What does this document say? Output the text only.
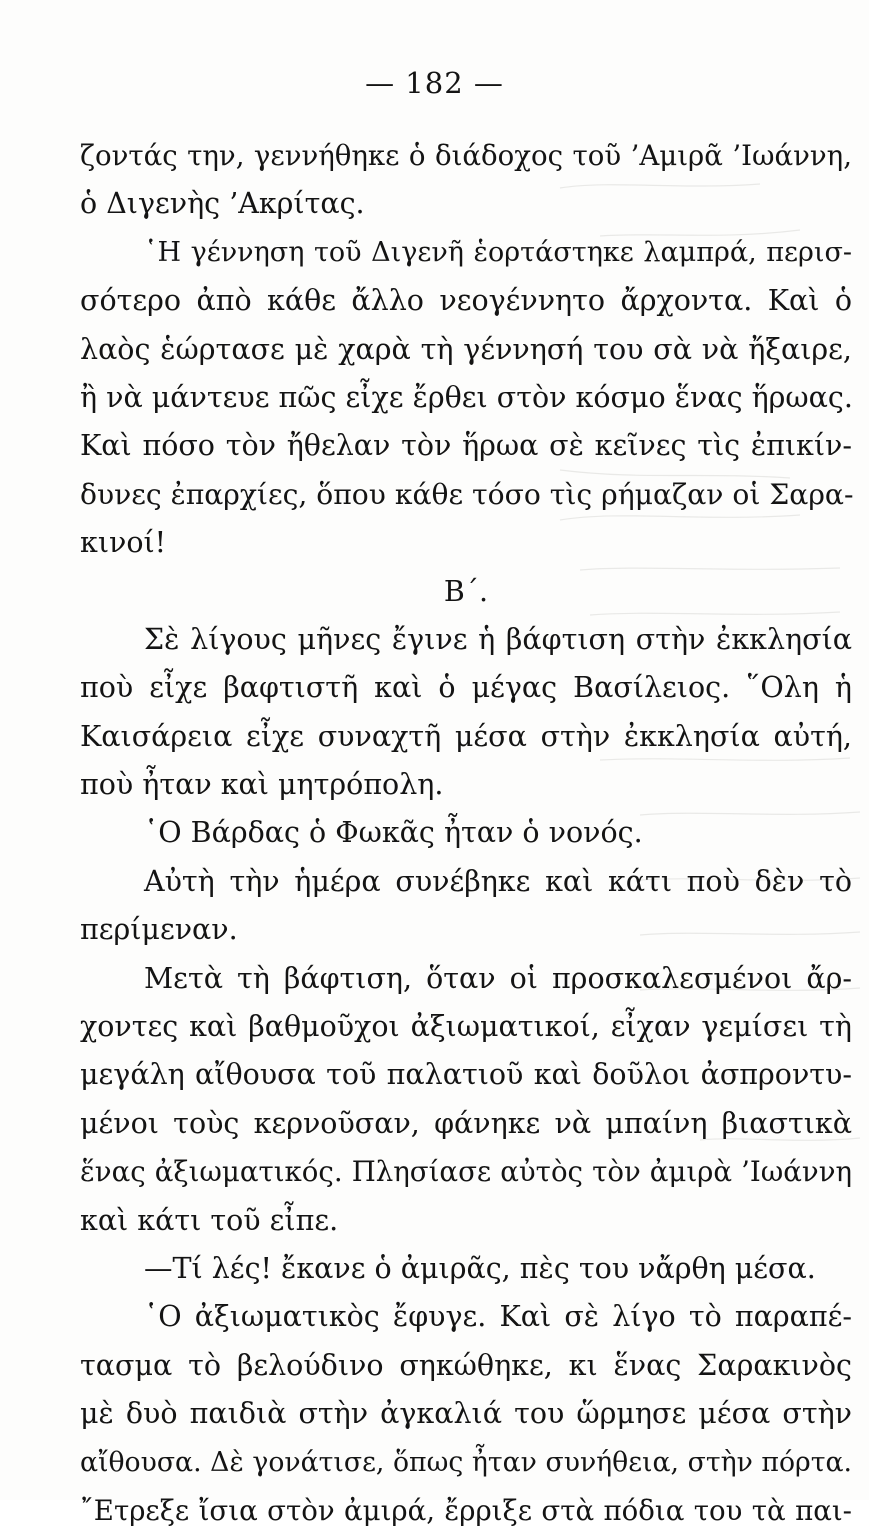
— 182 —
ζοντάς την, γεννήθηκε ὁ διάδοχος τοῦ ’Αμιρᾶ ’Ιωάννη,
ὁ Διγενὴς ’Ακρίτας.
῾Η γέννηση τοῦ Διγενῆ ἑορτάστηκε λαμπρά, περισ-
σότερο ἀπὸ κάθε ἄλλο νεογέννητο ἄρχοντα. Καὶ ὁ
λαὸς ἑώρτασε μὲ χαρὰ τὴ γέννησή του σὰ νὰ ἤξαιρε,
ἢ νὰ μάντευε πῶς εἶχε ἔρθει στὸν κόσμο ἕνας ἥρωας.
Καὶ πόσο τὸν ἤθελαν τὸν ἥρωα σὲ κεῖνες τὶς ἐπικίν-
δυνες ἐπαρχίες, ὅπου κάθε τόσο τὶς ρήμαζαν οἱ Σαρα-
κινοί!
Β΄.
Σὲ λίγους μῆνες ἔγινε ἡ βάφτιση στὴν ἐκκλησία
ποὺ εἶχε βαφτιστῆ καὶ ὁ μέγας Βασίλειος. ῞Ολη ἡ
Καισάρεια εἶχε συναχτῆ μέσα στὴν ἐκκλησία αὐτή,
ποὺ ἦταν καὶ μητρόπολη.
῾Ο Βάρδας ὁ Φωκᾶς ἦταν ὁ νονός.
Αὐτὴ τὴν ἡμέρα συνέβηκε καὶ κάτι ποὺ δὲν τὸ
περίμεναν.
Μετὰ τὴ βάφτιση, ὅταν οἱ προσκαλεσμένοι ἄρ-
χοντες καὶ βαθμοῦχοι ἀξιωματικοί, εἶχαν γεμίσει τὴ
μεγάλη αἴθουσα τοῦ παλατιοῦ καὶ δοῦλοι ἀσπροντυ-
μένοι τοὺς κερνοῦσαν, φάνηκε νὰ μπαίνη βιαστικὰ
ἕνας ἀξιωματικός. Πλησίασε αὐτὸς τὸν ἀμιρὰ ’Ιωάννη
καὶ κάτι τοῦ εἶπε.
—Τί λές! ἔκανε ὁ ἀμιρᾶς, πὲς του νἄρθη μέσα.
῾Ο ἀξιωματικὸς ἔφυγε. Καὶ σὲ λίγο τὸ παραπέ-
τασμα τὸ βελούδινο σηκώθηκε, κι ἕνας Σαρακινὸς
μὲ δυὸ παιδιὰ στὴν ἀγκαλιά του ὥρμησε μέσα στὴν
αἴθουσα. Δὲ γονάτισε, ὅπως ἦταν συνήθεια, στὴν πόρτα.
῎Ετρεξε ἴσια στὸν ἀμιρά, ἔρριξε στὰ πόδια του τὰ παι-
